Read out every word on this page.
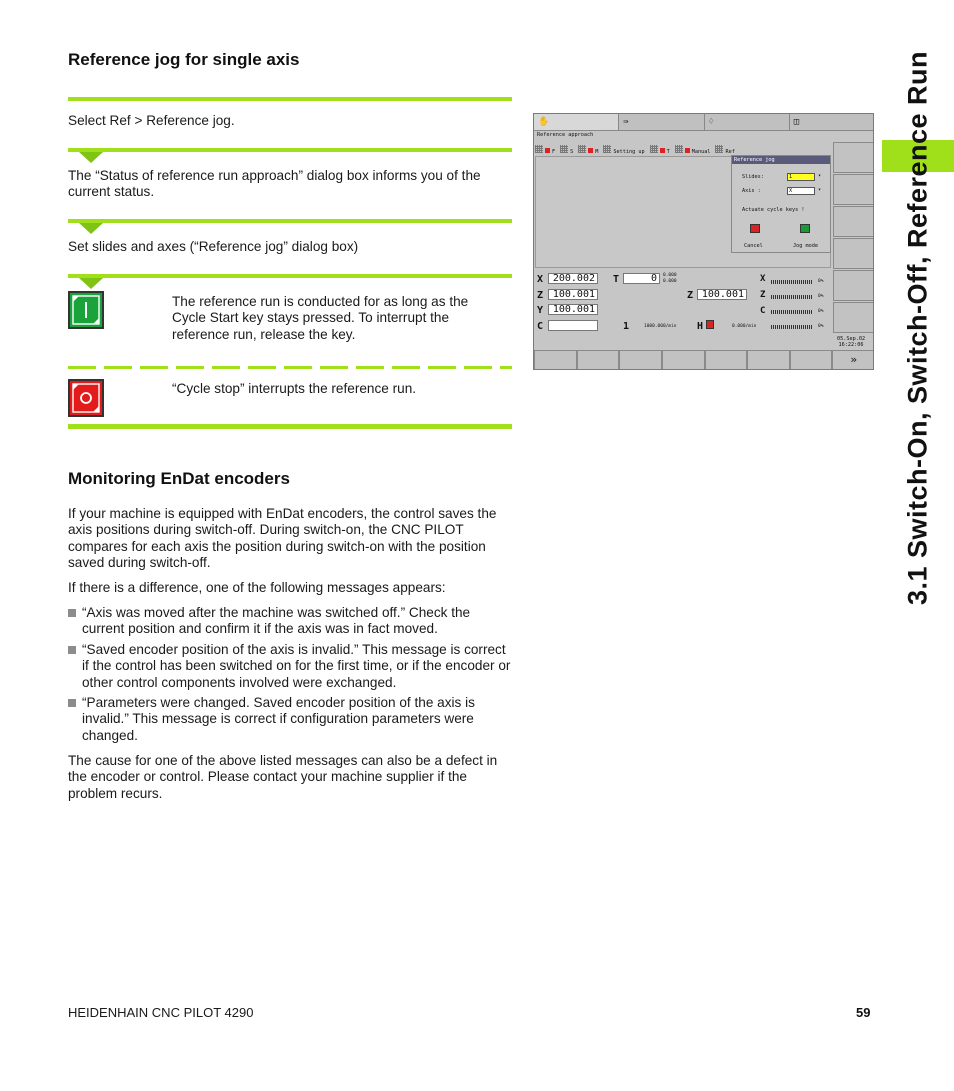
Reference jog for single axis
Select Ref > Reference jog.
The “Status of reference run approach” dialog box informs you of the current status.
Set slides and axes (“Reference jog” dialog box)
The reference run is conducted for as long as the Cycle Start key stays pressed. To interrupt the reference run, release the key.
“Cycle stop” interrupts the reference run.
Monitoring EnDat encoders
If your machine is equipped with EnDat encoders, the control saves the axis positions during switch-off. During switch-on, the CNC PILOT compares for each axis the position during switch-on with the position saved during switch-off.
If there is a difference, one of the following messages appears:
“Axis was moved after the machine was switched off.” Check the current position and confirm it if the axis was in fact moved.
“Saved encoder position of the axis is invalid.” This message is correct if the control has been switched on for the first time, or if the encoder or other control components involved were exchanged.
“Parameters were changed. Saved encoder position of the axis is invalid.” This message is correct if configuration parameters were changed.
The cause for one of the above listed messages can also be a defect in the encoder or control. Please contact your machine supplier if the problem recurs.
3.1 Switch-On, Switch-Off, Reference Run
HEIDENHAIN CNC PILOT 4290	59
✋	⇛	♢	◫
Reference approach
F	S	M	Setting up	T	Manual	Ref
Reference jog
Slides:	1	▾
Axis :	X	▾
Actuate cycle keys !
Cancel	Jog mode
X 200.002
Z 100.001
Y 100.001
C
T	0	0.000
0.000
Z 100.001
1	1000.000/min H	0.000/min
X	0%
Z	0%
C	0%
0%
05.Sep.02
16:22:06
»
